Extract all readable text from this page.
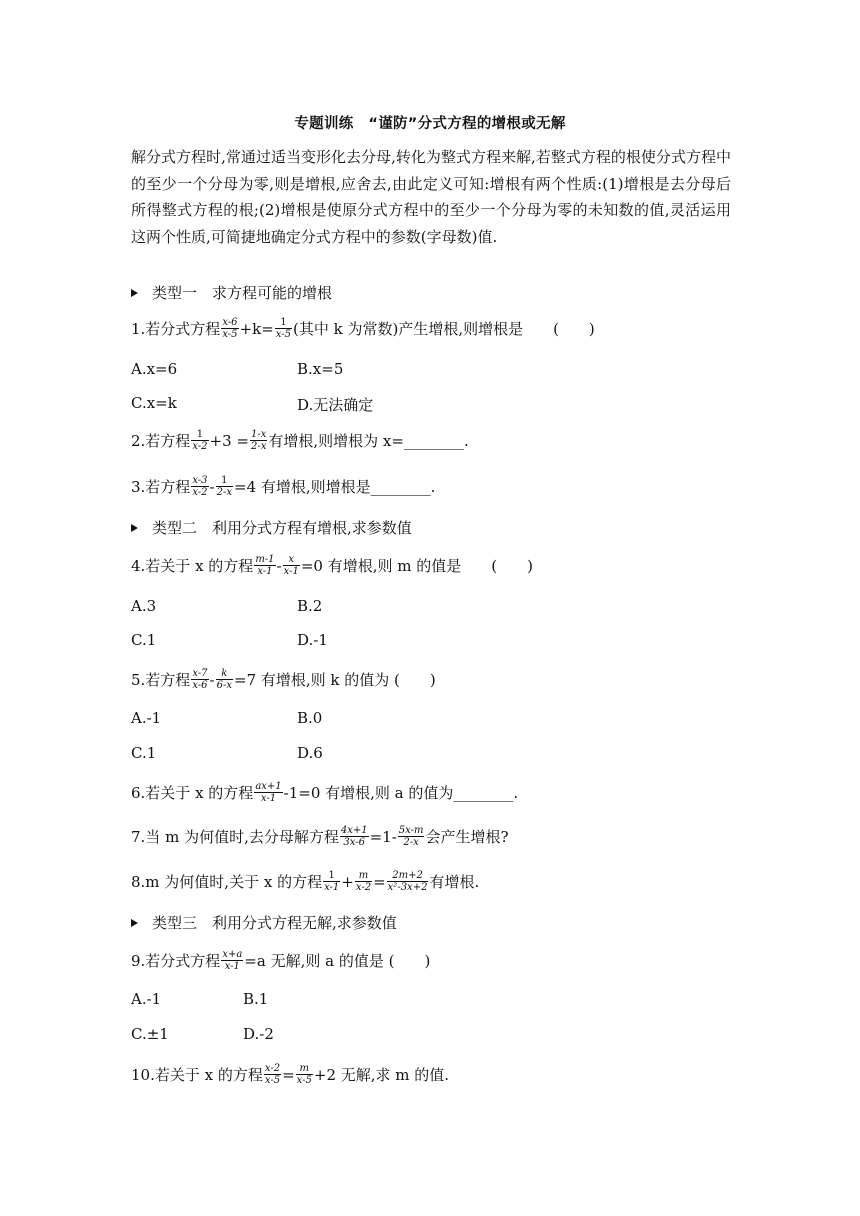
专题训练　“谨防”分式方程的增根或无解
解分式方程时,常通过适当变形化去分母,转化为整式方程来解,若整式方程的根使分式方程中的至少一个分母为零,则是增根,应舍去,由此定义可知:增根有两个性质:(1)增根是去分母后所得整式方程的根;(2)增根是使原分式方程中的至少一个分母为零的未知数的值,灵活运用这两个性质,可简捷地确定分式方程中的参数(字母数)值.
类型一　求方程可能的增根
1.若分式方程 $\frac{x-6}{x-5} +k= \frac{1}{x-5}$ (其中 k 为常数)产生增根,则增根是　　(　　)
A.x=6	B.x=5
C.x=k	D.无法确定
2.若方程 $\frac{1}{x-2} +3 = \frac{1-x}{2-x}$ 有增根,则增根为 x=________.
3.若方程 $\frac{x-3}{x-2} - \frac{1}{2-x} =4$ 有增根,则增根是________.
类型二　利用分式方程有增根,求参数值
4.若关于 x 的方程 $\frac{m-1}{x-1} - \frac{x}{x-1} =0$ 有增根,则 m 的值是　　(　　)
A.3	B.2
C.1	D.-1
5.若方程 $\frac{x-7}{x-6} - \frac{k}{6-x} =7$ 有增根,则 k 的值为 (　　)
A.-1	B.0
C.1	D.6
6.若关于 x 的方程 $\frac{ax+1}{x-1} -1=0$ 有增根,则 a 的值为________.
7.当 m 为何值时,去分母解方程 $\frac{4x+1}{3x-6} =1- \frac{5x-m}{2-x}$ 会产生增根?
8.m 为何值时,关于 x 的方程 $\frac{1}{x-1} + \frac{m}{x-2} = \frac{2m+2}{\text{x²-3x+2}}$ 有增根.
类型三　利用分式方程无解,求参数值
9.若分式方程 $\frac{x+a}{x-1} =a$ 无解,则 a 的值是 (　　)
A.-1	B.1
C.±1	D.-2
10.若关于 x 的方程 $\frac{x-2}{x-5} = \frac{m}{x-5} +2$ 无解,求 m 的值.
